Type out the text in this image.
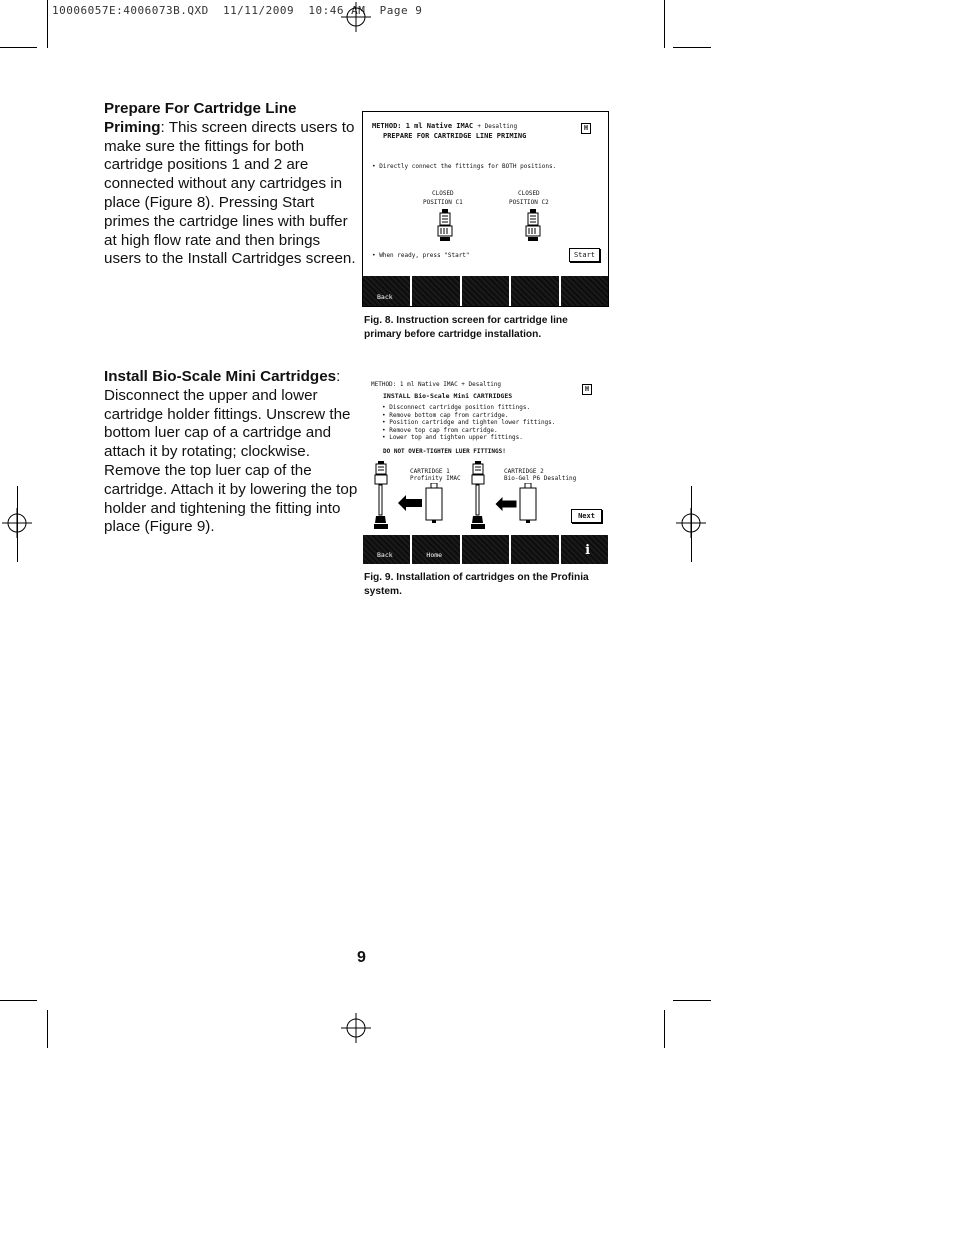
10006057E:4006073B.QXD  11/11/2009  10:46 AM  Page 9
Prepare For Cartridge Line
Priming: This screen directs users to
make sure the fittings for both
cartridge positions 1 and 2 are
connected without any cartridges in
place (Figure 8). Pressing Start
primes the cartridge lines with buffer
at high flow rate and then brings
users to the Install Cartridges screen.
Install Bio-Scale Mini Cartridges:
Disconnect the upper and lower
cartridge holder fittings. Unscrew the
bottom luer cap of a cartridge and
attach it by rotating; clockwise.
Remove the top luer cap of the
cartridge. Attach it by lowering the top
holder and tightening the fitting into
place (Figure 9).
METHOD: 1 ml Native IMAC + Desalting
PREPARE FOR CARTRIDGE LINE PRIMING
H
• Directly connect the fittings for BOTH positions.
CLOSED
POSITION C1
CLOSED
POSITION C2
• When ready, press "Start"	Start
Back
Fig. 8. Instruction screen for cartridge line
primary before cartridge installation.
METHOD: 1 ml Native IMAC + Desalting
INSTALL Bio-Scale Mini CARTRIDGES
H
• Disconnect cartridge position fittings.
• Remove bottom cap from cartridge.
• Position cartridge and tighten lower fittings.
• Remove top cap from cartridge.
• Lower top and tighten upper fittings.
DO NOT OVER-TIGHTEN LUER FITTINGS!
CARTRIDGE 1
Profinity IMAC
CARTRIDGE 2
Bio-Gel P6 Desalting
Next
Back	Home	i
Fig. 9. Installation of cartridges on the Profinia
system.
9
